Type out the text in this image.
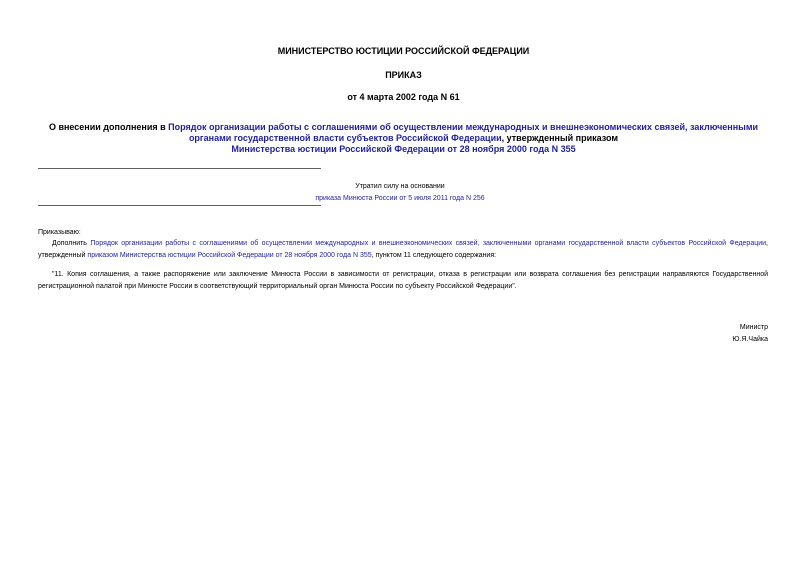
МИНИСТЕРСТВО ЮСТИЦИИ РОССИЙСКОЙ ФЕДЕРАЦИИ
ПРИКАЗ
от 4 марта 2002 года N 61
О внесении дополнения в Порядок организации работы с соглашениями об осуществлении международных и внешнеэкономических связей, заключенными
органами государственной власти субъектов Российской Федерации, утвержденный приказом
Министерства юстиции Российской Федерации от 28 ноября 2000 года N 355
Утратил силу на основании
приказа Минюста России от 5 июля 2011 года N 256
Приказываю:
Дополнить Порядок организации работы с соглашениями об осуществлении международных и внешнеэкономических связей, заключенными органами государственной власти субъектов Российской Федерации, утвержденный приказом Министерства юстиции Российской Федерации от 28 ноября 2000 года N 355, пунктом 11 следующего содержания:
"11. Копия соглашения, а также распоряжение или заключение Минюста России в зависимости от регистрации, отказа в регистрации или возврата соглашения без регистрации направляются Государственной регистрационной палатой при Минюсте России в соответствующий территориальный орган Минюста России по субъекту Российской Федерации".
Министр
Ю.Я.Чайка
